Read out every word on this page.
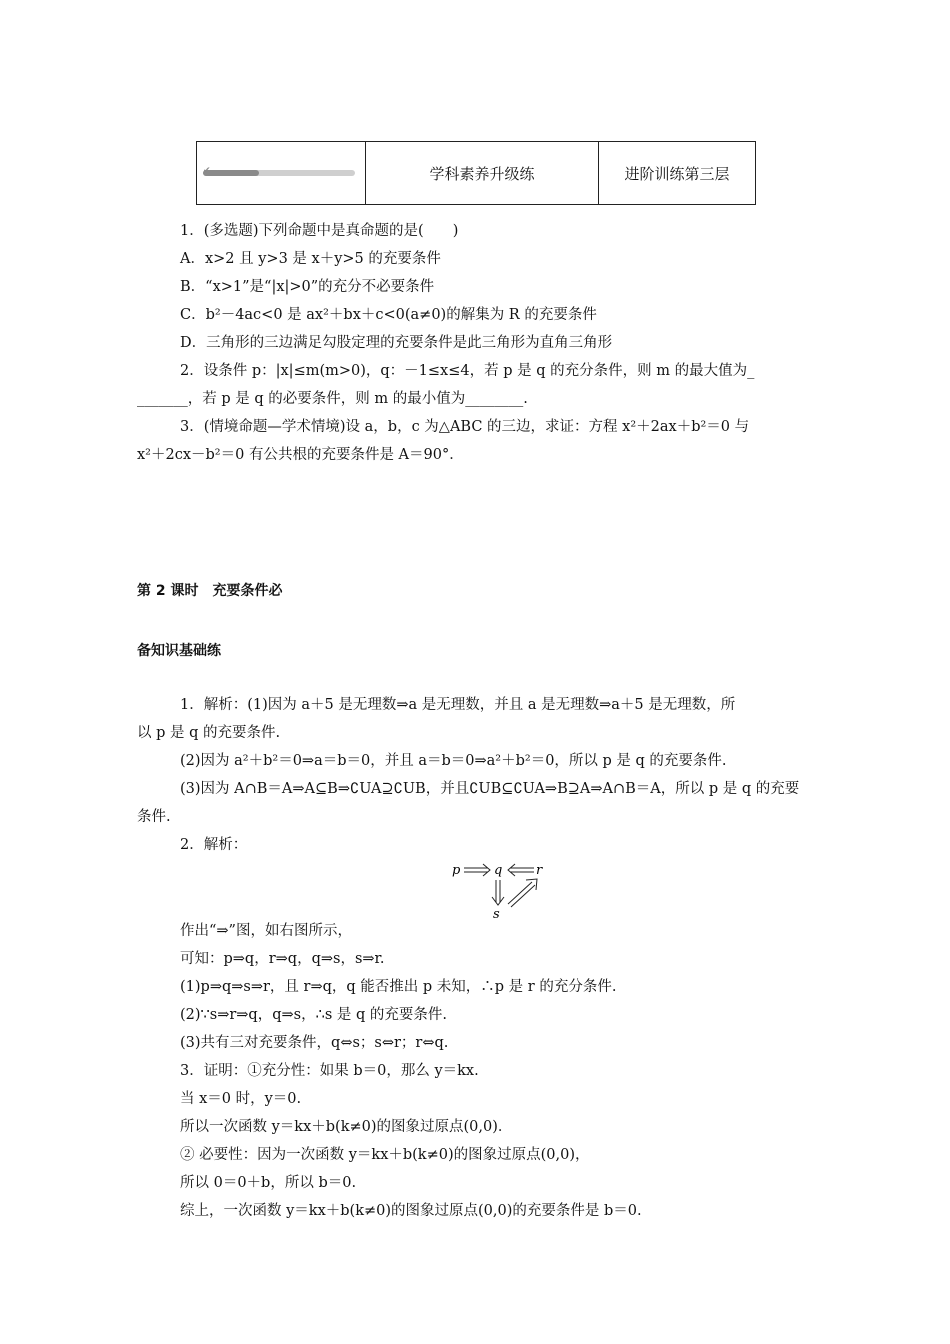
✔	学科素养升级练	进阶训练第三层
1．(多选题)下列命题中是真命题的是(　　)
A．x>2 且 y>3 是 x＋y>5 的充要条件
B．“x>1”是“|x|>0”的充分不必要条件
C．b²－4ac<0 是 ax²＋bx＋c<0(a≠0)的解集为 R 的充要条件
D．三角形的三边满足勾股定理的充要条件是此三角形为直角三角形
2．设条件 p：|x|≤m(m>0)，q：－1≤x≤4，若 p 是 q 的充分条件，则 m 的最大值为_
_______，若 p 是 q 的必要条件，则 m 的最小值为________.
3．(情境命题—学术情境)设 a，b，c 为△ABC 的三边，求证：方程 x²＋2ax＋b²＝0 与
x²＋2cx－b²＝0 有公共根的充要条件是 A＝90°．
第 2 课时　充要条件必
备知识基础练
1．解析：(1)因为 a＋5 是无理数⇒a 是无理数，并且 a 是无理数⇒a＋5 是无理数，所
以 p 是 q 的充要条件.
(2)因为 a²＋b²＝0⇒a＝b＝0，并且 a＝b＝0⇒a²＋b²＝0，所以 p 是 q 的充要条件.
(3)因为 A∩B＝A⇒A⊆B⇒∁UA⊇∁UB，并且∁UB⊆∁UA⇒B⊇A⇒A∩B＝A，所以 p 是 q 的充要
条件.
2．解析：
p	q	r
s
作出“⇒”图，如右图所示，
可知：p⇒q，r⇒q，q⇒s，s⇒r.
(1)p⇒q⇒s⇒r，且 r⇒q，q 能否推出 p 未知，∴p 是 r 的充分条件.
(2)∵s⇒r⇒q，q⇒s，∴s 是 q 的充要条件.
(3)共有三对充要条件，q⇔s；s⇔r；r⇔q.
3．证明：①充分性：如果 b＝0，那么 y＝kx.
当 x＝0 时，y＝0.
所以一次函数 y＝kx＋b(k≠0)的图象过原点(0,0)．
② 必要性：因为一次函数 y＝kx＋b(k≠0)的图象过原点(0,0)，
所以 0＝0＋b，所以 b＝0.
综上，一次函数 y＝kx＋b(k≠0)的图象过原点(0,0)的充要条件是 b＝0.
